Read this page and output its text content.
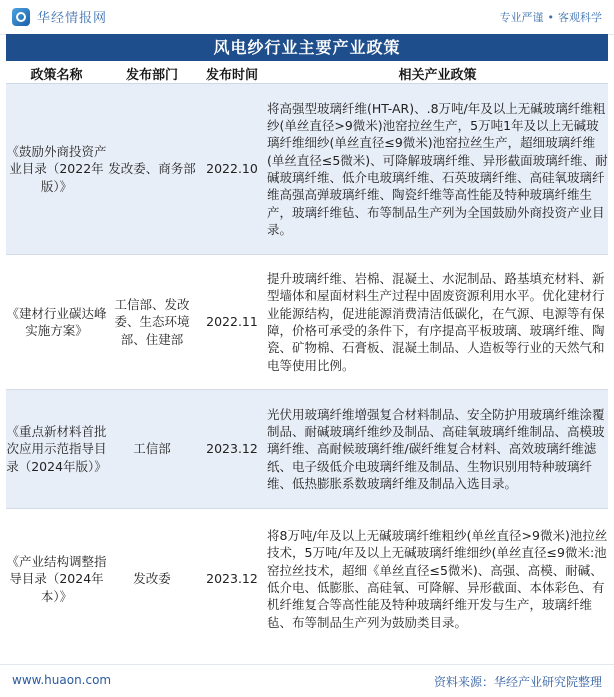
华经情报网	专业严谨 • 客观科学
风电纱行业主要产业政策
政策名称	发布部门	发布时间	相关产业政策
《鼓励外商投资产业目录（2022年版）》	发改委、商务部	2022.10	将高强型玻璃纤维(HT-AR)、.8万吨/年及以上无碱玻璃纤维粗纱(单丝直径>9微米)池窑拉丝生产，5万吨1年及以上无碱玻璃纤维细纱(单丝直径≤9微米)池窑拉丝生产，超细玻璃纤维(单丝直径≤5微米)、可降解玻璃纤维、异形截面玻璃纤维、耐碱玻璃纤维、低介电玻璃纤维、石英玻璃纤维、高硅氧玻璃纤维高强高弹玻璃纤维、陶瓷纤维等高性能及特种玻璃纤维生产，玻璃纤维毡、布等制品生产列为全国鼓励外商投资产业目录。
《建材行业碳达峰实施方案》	工信部、发改委、生态环境部、住建部	2022.11	提升玻璃纤维、岩棉、混凝土、水泥制品、路基填充材料、新型墙体和屋面材料生产过程中固废资源利用水平。优化建材行业能源结构，促进能源消费清洁低碳化，在气源、电源等有保障，价格可承受的条件下，有序提高平板玻璃、玻璃纤维、陶瓷、矿物棉、石膏板、混凝土制品、人造板等行业的天然气和电等使用比例。
《重点新材料首批次应用示范指导目录（2024年版）》	工信部	2023.12	光伏用玻璃纤维增强复合材料制品、安全防护用玻璃纤维涂覆制品、耐碱玻璃纤维纱及制品、高硅氧玻璃纤维制品、高模玻璃纤维、高耐候玻璃纤维/碳纤维复合材料、高效玻璃纤维滤纸、电子级低介电玻璃纤维及制品、生物识别用特种玻璃纤维、低热膨胀系数玻璃纤维及制品入选目录。
《产业结构调整指导目录（2024年本）》	发改委	2023.12	将8万吨/年及以上无碱玻璃纤维粗纱(单丝直径>9微米)池拉丝技术，5万吨/年及以上无碱玻璃纤维细纱(单丝直径≤9微米:池窑拉丝技术，超细《单丝直径≤5微米)、高强、高模、耐碱、低介电、低膨胀、高硅氧、可降解、异形截面、本体彩色、有机纤维复合等高性能及特种玻璃纤维开发与生产，玻璃纤维毡、布等制品生产列为鼓励类目录。
www.huaon.com	资料来源：华经产业研究院整理
